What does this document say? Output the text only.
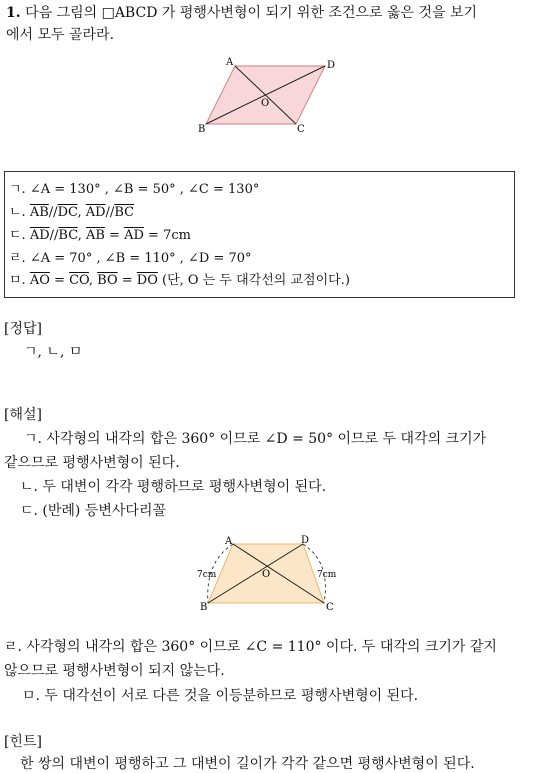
1. 다음 그림의 □ABCD 가 평행사변형이 되기 위한 조건으로 옳은 것을 보기
에서 모두 골라라.
A	D
B	C
O
ㄱ. ∠A = 130° , ∠B = 50° , ∠C = 130°
ㄴ. $\overline{AB}//\overline{DC}$, $\overline{AD}//\overline{BC}$
ㄷ. $\overline{AD}//\overline{BC}$, $\overline{AB} = \overline{AD} = 7cm$
ㄹ. ∠A = 70° , ∠B = 110° , ∠D = 70°
ㅁ. $\overline{AO} = \overline{CO}$, $\overline{BO} = \overline{DO}$ (단, O 는 두 대각선의 교점이다.)
[정답]
ㄱ, ㄴ, ㅁ
[해설]
ㄱ. 사각형의 내각의 합은 360° 이므로 ∠D = 50° 이므로 두 대각의 크기가
같으므로 평행사변형이 된다.
ㄴ. 두 대변이 각각 평행하므로 평행사변형이 된다.
ㄷ. (반례) 등변사다리꼴
A	D
B	C
O
7cm	7cm
ㄹ. 사각형의 내각의 합은 360° 이므로 ∠C = 110° 이다. 두 대각의 크기가 같지
않으므로 평행사변형이 되지 않는다.
ㅁ. 두 대각선이 서로 다른 것을 이등분하므로 평행사변형이 된다.
[힌트]
한 쌍의 대변이 평행하고 그 대변이 길이가 각각 같으면 평행사변형이 된다.
